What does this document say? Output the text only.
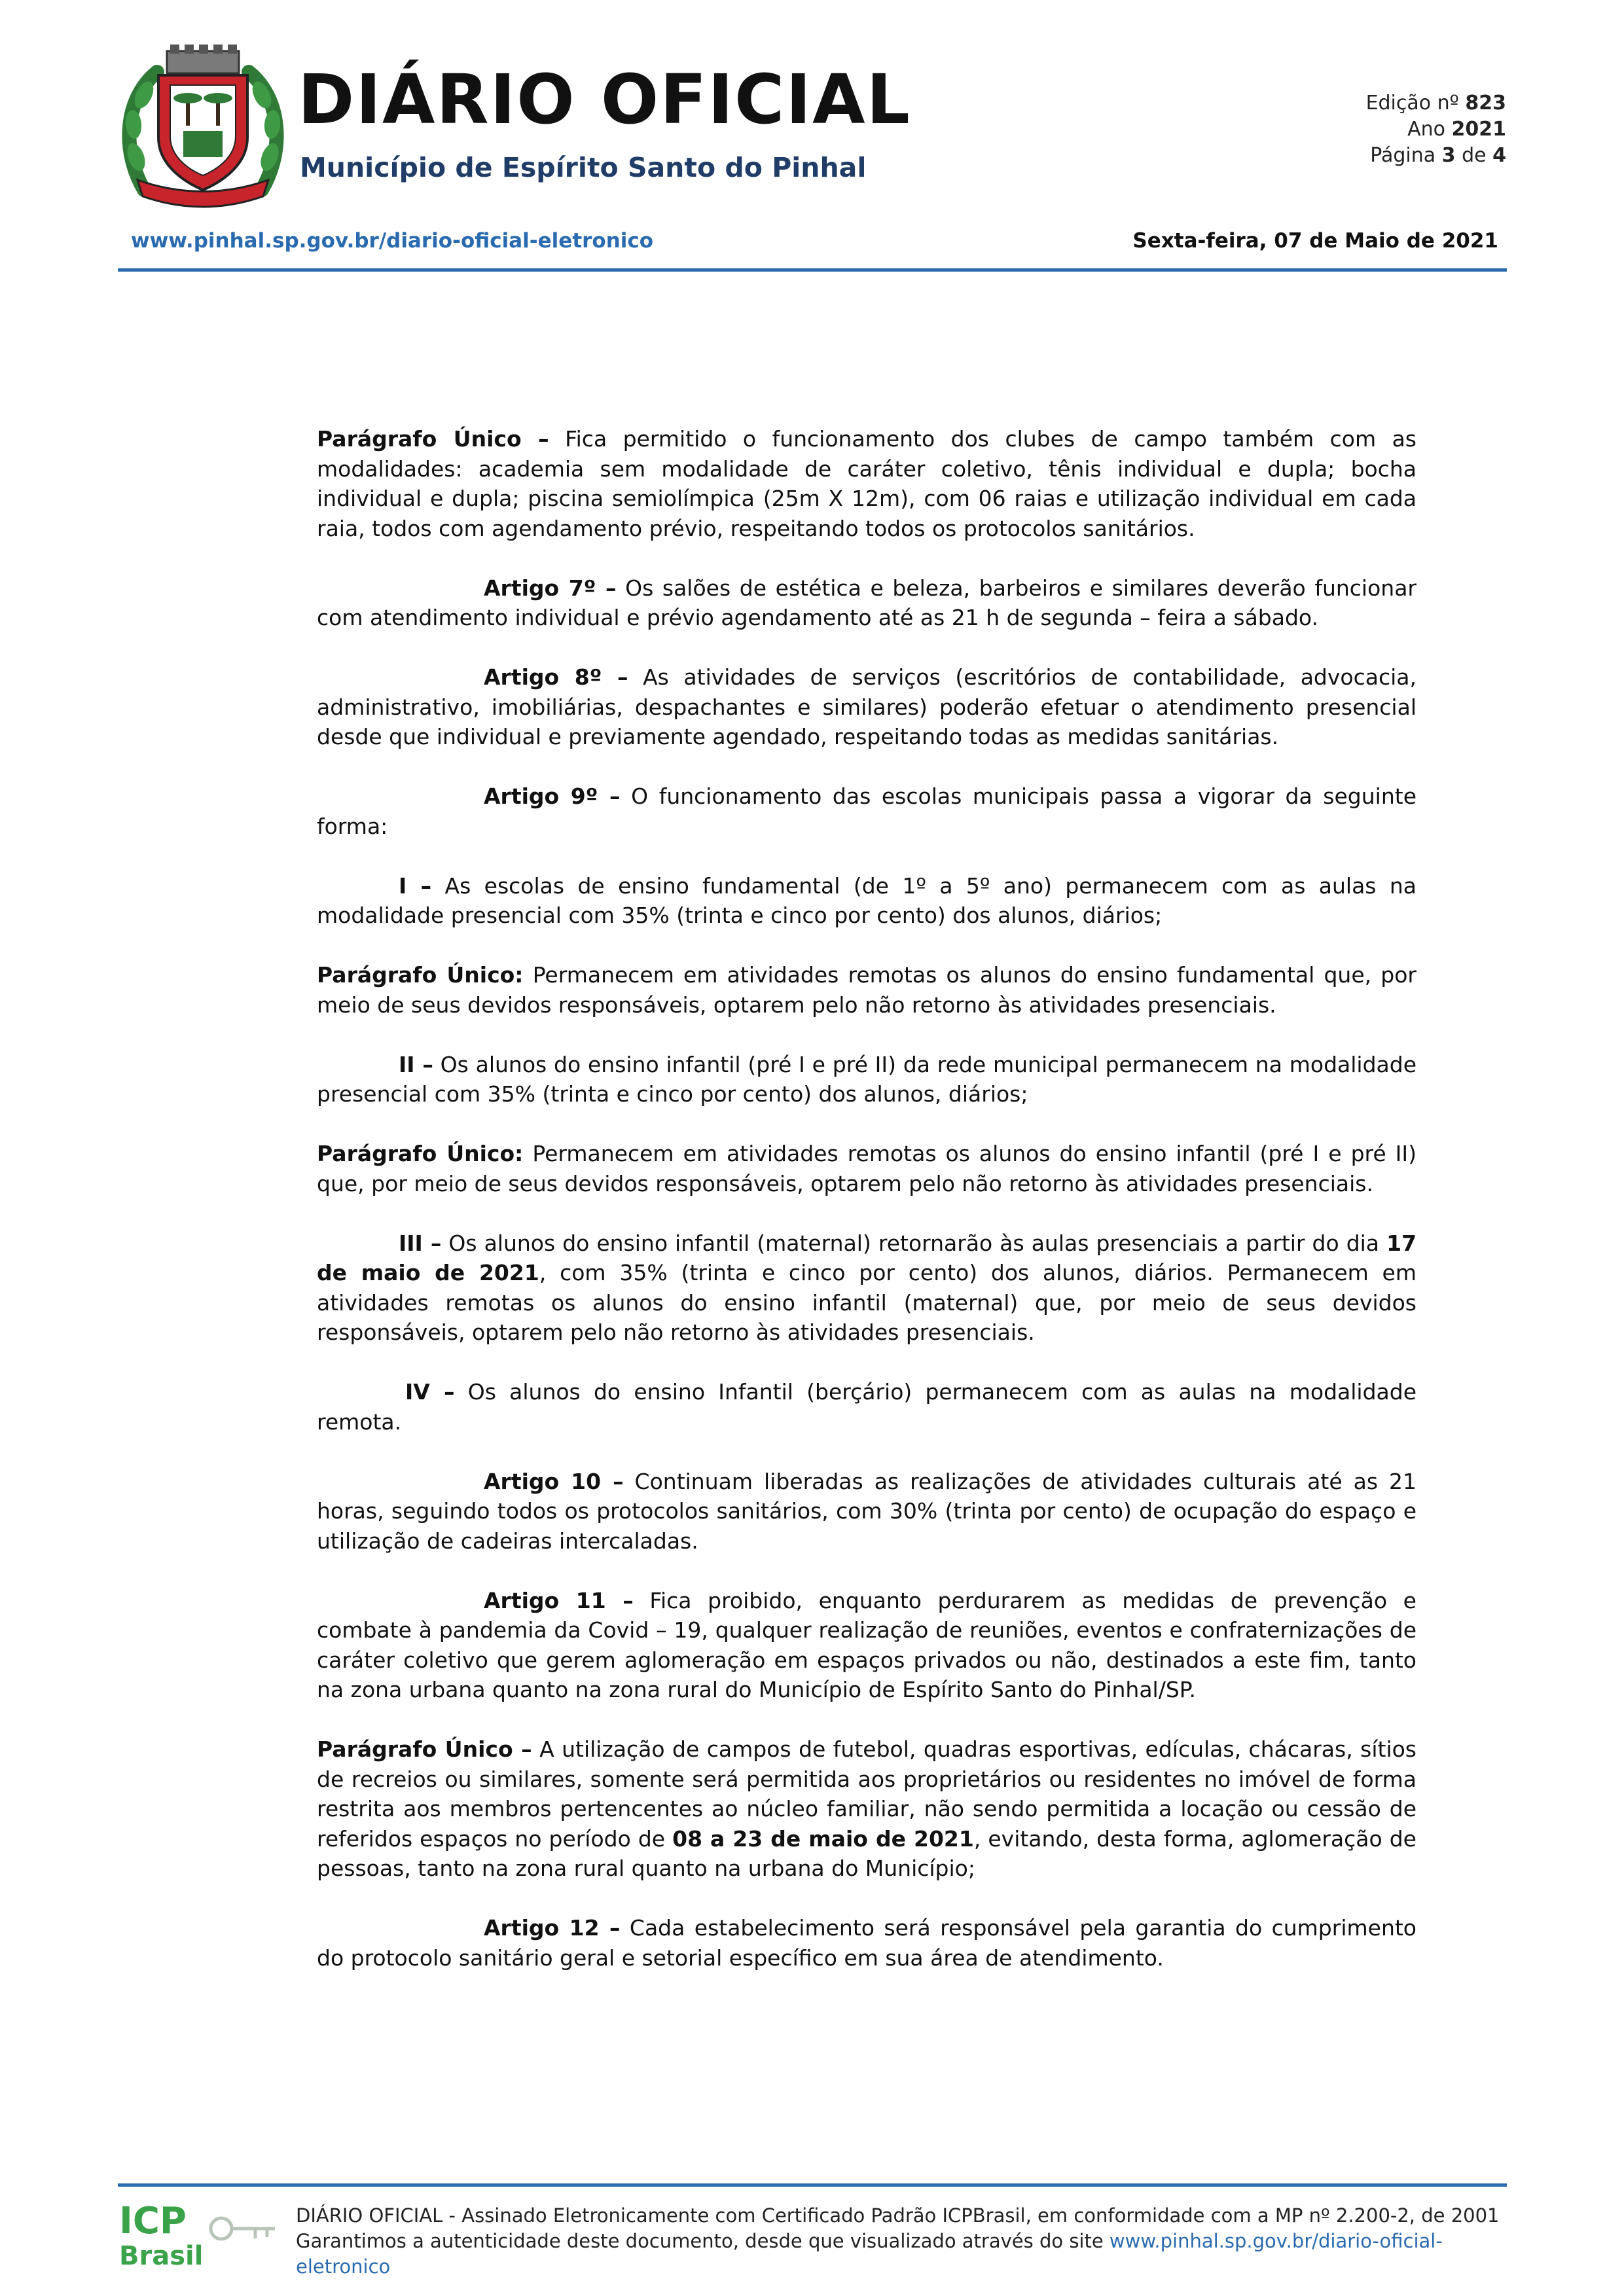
DIÁRIO OFICIAL
Município de Espírito Santo do Pinhal
Edição nº 823
Ano 2021
Página 3 de 4
www.pinhal.sp.gov.br/diario-oficial-eletronico	Sexta-feira, 07 de Maio de 2021

Parágrafo Único – Fica permitido o funcionamento dos clubes de campo também com as modalidades: academia sem modalidade de caráter coletivo, tênis individual e dupla; bocha individual e dupla; piscina semiolímpica (25m X 12m), com 06 raias e utilização individual em cada raia, todos com agendamento prévio, respeitando todos os protocolos sanitários.

Artigo 7º – Os salões de estética e beleza, barbeiros e similares deverão funcionar com atendimento individual e prévio agendamento até as 21 h de segunda – feira a sábado.

Artigo 8º – As atividades de serviços (escritórios de contabilidade, advocacia, administrativo, imobiliárias, despachantes e similares) poderão efetuar o atendimento presencial desde que individual e previamente agendado, respeitando todas as medidas sanitárias.

Artigo 9º – O funcionamento das escolas municipais passa a vigorar da seguinte forma:

I – As escolas de ensino fundamental (de 1º a 5º ano) permanecem com as aulas na modalidade presencial com 35% (trinta e cinco por cento) dos alunos, diários;

Parágrafo Único: Permanecem em atividades remotas os alunos do ensino fundamental que, por meio de seus devidos responsáveis, optarem pelo não retorno às atividades presenciais.

II – Os alunos do ensino infantil (pré I e pré II) da rede municipal permanecem na modalidade presencial com 35% (trinta e cinco por cento) dos alunos, diários;

Parágrafo Único: Permanecem em atividades remotas os alunos do ensino infantil (pré I e pré II) que, por meio de seus devidos responsáveis, optarem pelo não retorno às atividades presenciais.

III – Os alunos do ensino infantil (maternal) retornarão às aulas presenciais a partir do dia 17 de maio de 2021, com 35% (trinta e cinco por cento) dos alunos, diários. Permanecem em atividades remotas os alunos do ensino infantil (maternal) que, por meio de seus devidos responsáveis, optarem pelo não retorno às atividades presenciais.

IV – Os alunos do ensino Infantil (berçário) permanecem com as aulas na modalidade remota.

Artigo 10 – Continuam liberadas as realizações de atividades culturais até as 21 horas, seguindo todos os protocolos sanitários, com 30% (trinta por cento) de ocupação do espaço e utilização de cadeiras intercaladas.

Artigo 11 – Fica proibido, enquanto perdurarem as medidas de prevenção e combate à pandemia da Covid – 19, qualquer realização de reuniões, eventos e confraternizações de caráter coletivo que gerem aglomeração em espaços privados ou não, destinados a este fim, tanto na zona urbana quanto na zona rural do Município de Espírito Santo do Pinhal/SP.

Parágrafo Único – A utilização de campos de futebol, quadras esportivas, edículas, chácaras, sítios de recreios ou similares, somente será permitida aos proprietários ou residentes no imóvel de forma restrita aos membros pertencentes ao núcleo familiar, não sendo permitida a locação ou cessão de referidos espaços no período de 08 a 23 de maio de 2021, evitando, desta forma, aglomeração de pessoas, tanto na zona rural quanto na urbana do Município;

Artigo 12 – Cada estabelecimento será responsável pela garantia do cumprimento do protocolo sanitário geral e setorial específico em sua área de atendimento.

ICP
Brasil
DIÁRIO OFICIAL - Assinado Eletronicamente com Certificado Padrão ICPBrasil, em conformidade com a MP nº 2.200-2, de 2001
Garantimos a autenticidade deste documento, desde que visualizado através do site www.pinhal.sp.gov.br/diario-oficial-eletronico
